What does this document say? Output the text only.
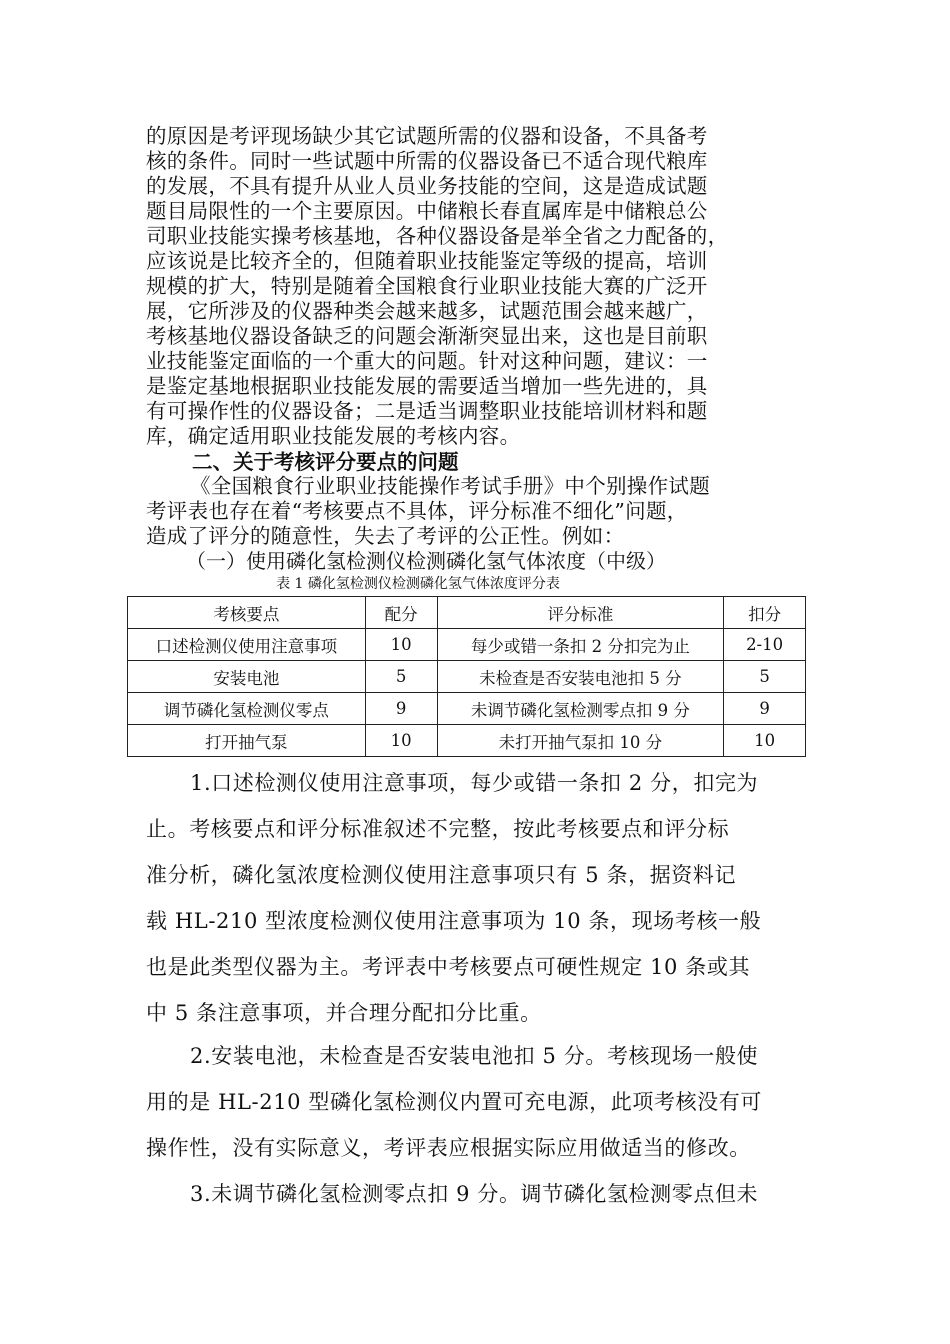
的原因是考评现场缺少其它试题所需的仪器和设备，不具备考
核的条件。同时一些试题中所需的仪器设备已不适合现代粮库
的发展，不具有提升从业人员业务技能的空间，这是造成试题
题目局限性的一个主要原因。中储粮长春直属库是中储粮总公
司职业技能实操考核基地，各种仪器设备是举全省之力配备的，
应该说是比较齐全的，但随着职业技能鉴定等级的提高，培训
规模的扩大，特别是随着全国粮食行业职业技能大赛的广泛开
展，它所涉及的仪器种类会越来越多，试题范围会越来越广，
考核基地仪器设备缺乏的问题会渐渐突显出来，这也是目前职
业技能鉴定面临的一个重大的问题。针对这种问题，建议：一
是鉴定基地根据职业技能发展的需要适当增加一些先进的，具
有可操作性的仪器设备；二是适当调整职业技能培训材料和题
库，确定适用职业技能发展的考核内容。
二、关于考核评分要点的问题
《全国粮食行业职业技能操作考试手册》中个别操作试题
考评表也存在着“考核要点不具体，评分标准不细化”问题，
造成了评分的随意性，失去了考评的公正性。例如：
（一）使用磷化氢检测仪检测磷化氢气体浓度（中级）
表 1 磷化氢检测仪检测磷化氢气体浓度评分表
考核要点	配分	评分标准	扣分
口述检测仪使用注意事项	10	每少或错一条扣 2 分扣完为止	2-10
安装电池	5	未检查是否安装电池扣 5 分	5
调节磷化氢检测仪零点	9	未调节磷化氢检测零点扣 9 分	9
打开抽气泵	10	未打开抽气泵扣 10 分	10
1.口述检测仪使用注意事项，每少或错一条扣 2 分，扣完为
止。考核要点和评分标准叙述不完整，按此考核要点和评分标
准分析，磷化氢浓度检测仪使用注意事项只有 5 条，据资料记
载 HL-210 型浓度检测仪使用注意事项为 10 条，现场考核一般
也是此类型仪器为主。考评表中考核要点可硬性规定 10 条或其
中 5 条注意事项，并合理分配扣分比重。
2.安装电池，未检查是否安装电池扣 5 分。考核现场一般使
用的是 HL-210 型磷化氢检测仪内置可充电源，此项考核没有可
操作性，没有实际意义，考评表应根据实际应用做适当的修改。
3.未调节磷化氢检测零点扣 9 分。调节磷化氢检测零点但未
